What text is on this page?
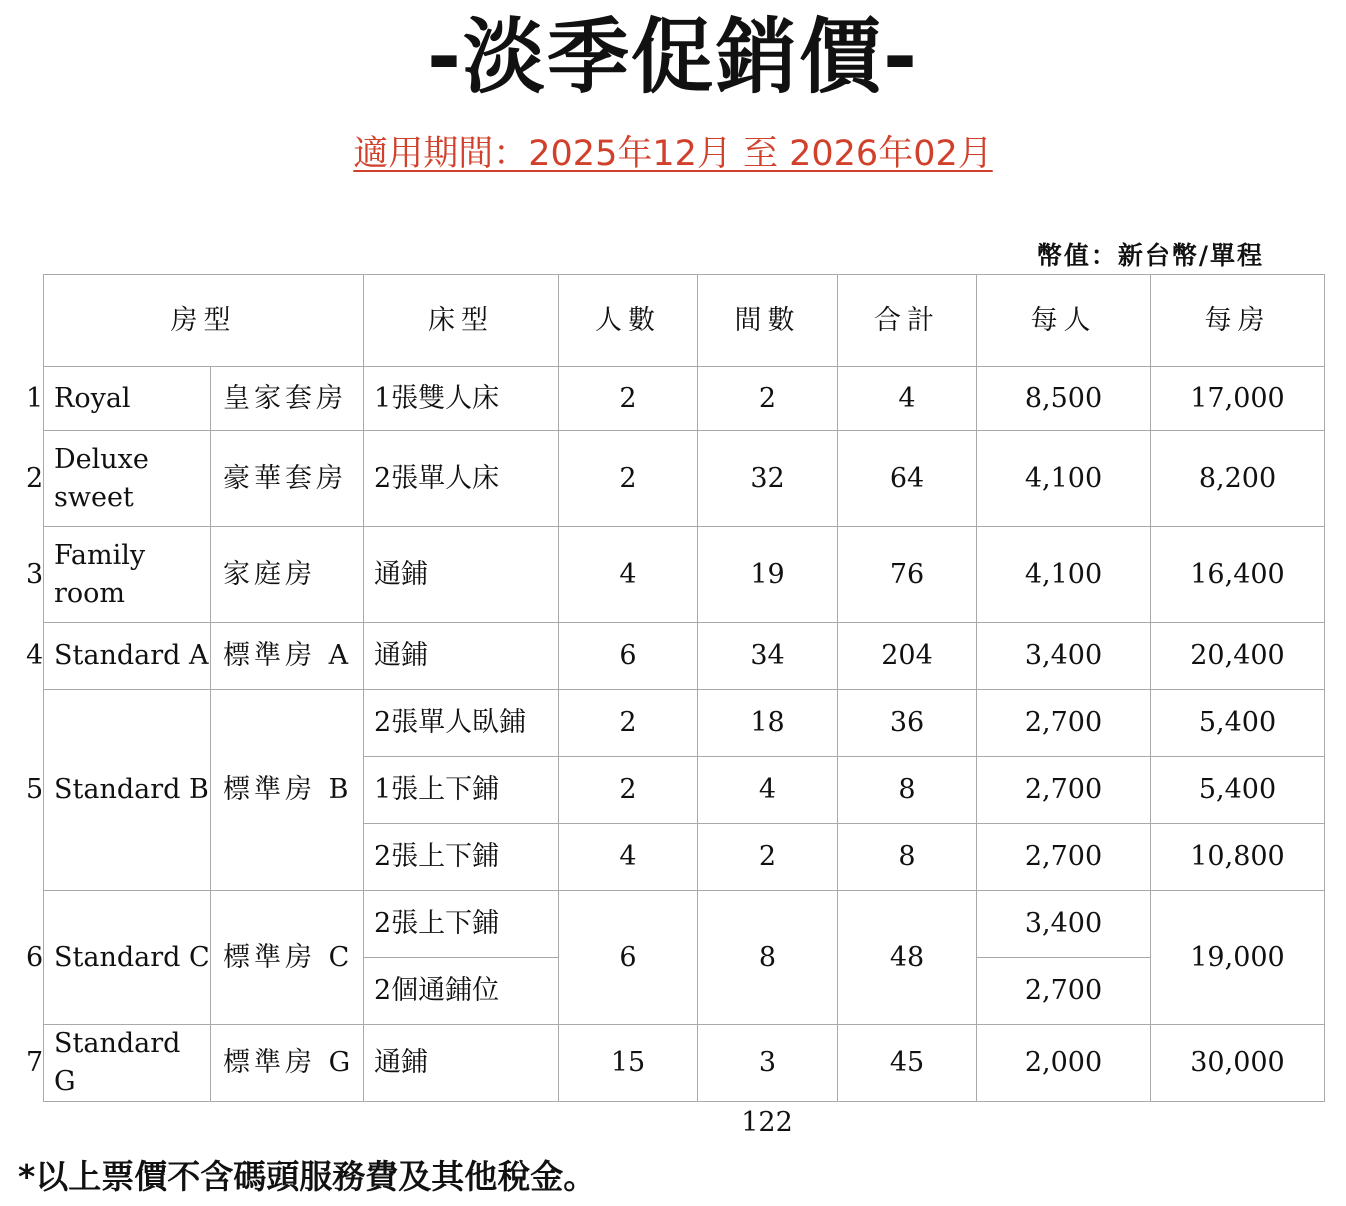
-淡季促銷價-
適用期間：2025年12月 至 2026年02月
幣值：新台幣/單程
房型		床型	人數	間數	合計	每人	每房

1 Royal	皇家套房	1張雙人床	2	2	4	8,500	17,000

2
Deluxe sweet	豪華套房	2張單人床	2	32	64	4,100	8,200

3
Family room	家庭房	通鋪	4	19	76	4,100	16,400

4 Standard A	標準房 A	通鋪	6	34	204	3,400	20,400

5 Standard B	標準房 B	2張單人臥鋪	2	18	36	2,700	5,400
		1張上下鋪	2	4	8	2,700	5,400
		2張上下鋪	4	2	8	2,700	10,800

6 Standard C	標準房 C	2張上下鋪	6	8	48	3,400	19,000
		2個通鋪位				2,700	

7
Standard G	標準房 G	通鋪	15	3	45	2,000	30,000
122
*以上票價不含碼頭服務費及其他稅金。
